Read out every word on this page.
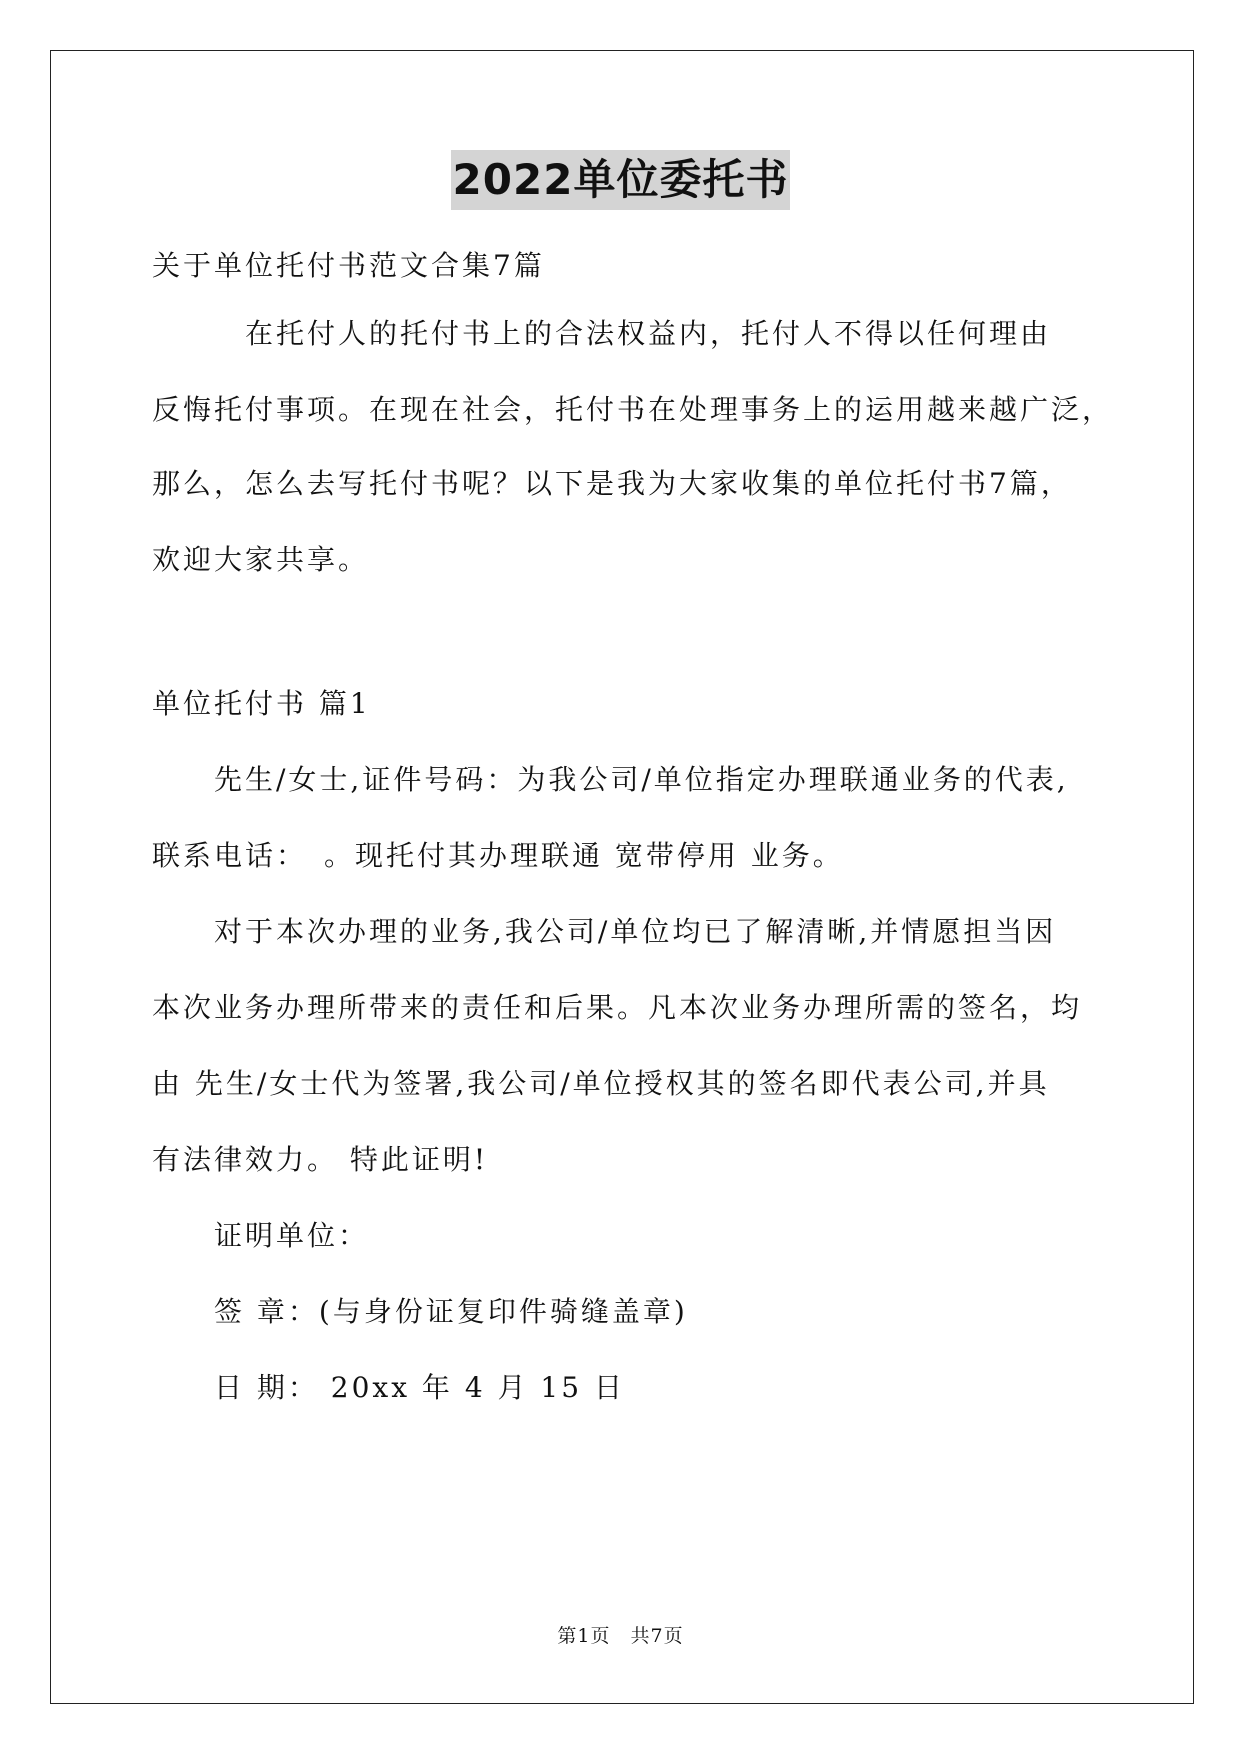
2022单位委托书
关于单位托付书范文合集7篇
　　　在托付人的托付书上的合法权益内，托付人不得以任何理由
反悔托付事项。在现在社会，托付书在处理事务上的运用越来越广泛，
那么，怎么去写托付书呢？以下是我为大家收集的单位托付书7篇，
欢迎大家共享。
单位托付书 篇1
　　先生/女士,证件号码：为我公司/单位指定办理联通业务的代表,
联系电话：　。现托付其办理联通 宽带停用 业务。
　　对于本次办理的业务,我公司/单位均已了解清晰,并情愿担当因
本次业务办理所带来的责任和后果。凡本次业务办理所需的签名，均
由 先生/女士代为签署,我公司/单位授权其的签名即代表公司,并具
有法律效力。 特此证明!
　　证明单位：
　　签 章：(与身份证复印件骑缝盖章)
　　日 期： 20xx 年 4 月 15 日
第1页　共7页
